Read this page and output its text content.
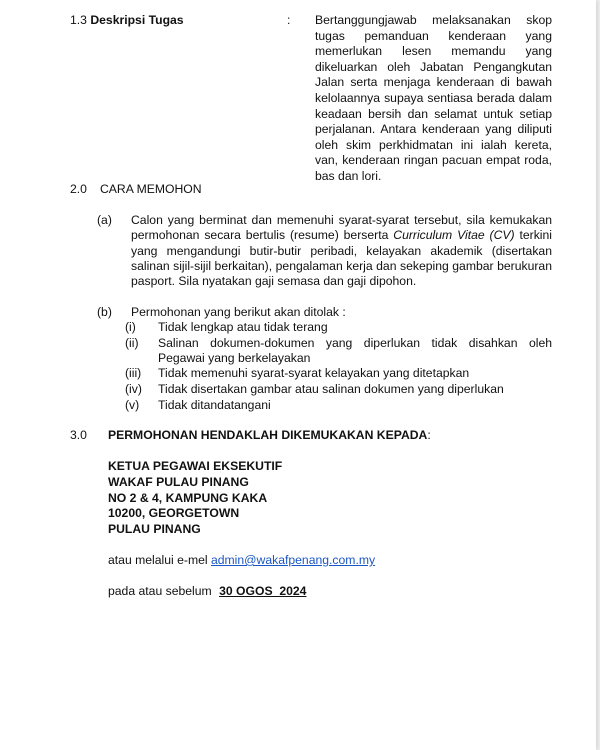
1.3 Deskripsi Tugas	: Bertanggungjawab melaksanakan skop tugas pemanduan kenderaan yang memerlukan lesen memandu yang dikeluarkan oleh Jabatan Pengangkutan Jalan serta menjaga kenderaan di bawah kelolaannya supaya sentiasa berada dalam keadaan bersih dan selamat untuk setiap perjalanan. Antara kenderaan yang diliputi oleh skim perkhidmatan ini ialah kereta, van, kenderaan ringan pacuan empat roda, bas dan lori.
2.0 CARA MEMOHON
(a) Calon yang berminat dan memenuhi syarat-syarat tersebut, sila kemukakan permohonan secara bertulis (resume) berserta Curriculum Vitae (CV) terkini yang mengandungi butir-butir peribadi, kelayakan akademik (disertakan salinan sijil-sijil berkaitan), pengalaman kerja dan sekeping gambar berukuran pasport. Sila nyatakan gaji semasa dan gaji dipohon.
(b) Permohonan yang berikut akan ditolak :
(i) Tidak lengkap atau tidak terang
(ii) Salinan dokumen-dokumen yang diperlukan tidak disahkan oleh Pegawai yang berkelayakan
(iii) Tidak memenuhi syarat-syarat kelayakan yang ditetapkan
(iv) Tidak disertakan gambar atau salinan dokumen yang diperlukan
(v) Tidak ditandatangani
3.0 PERMOHONAN HENDAKLAH DIKEMUKAKAN KEPADA:
KETUA PEGAWAI EKSEKUTIF
WAKAF PULAU PINANG
NO 2 & 4, KAMPUNG KAKA
10200, GEORGETOWN
PULAU PINANG
atau melalui e-mel admin@wakafpenang.com.my
pada atau sebelum 30 OGOS  2024
